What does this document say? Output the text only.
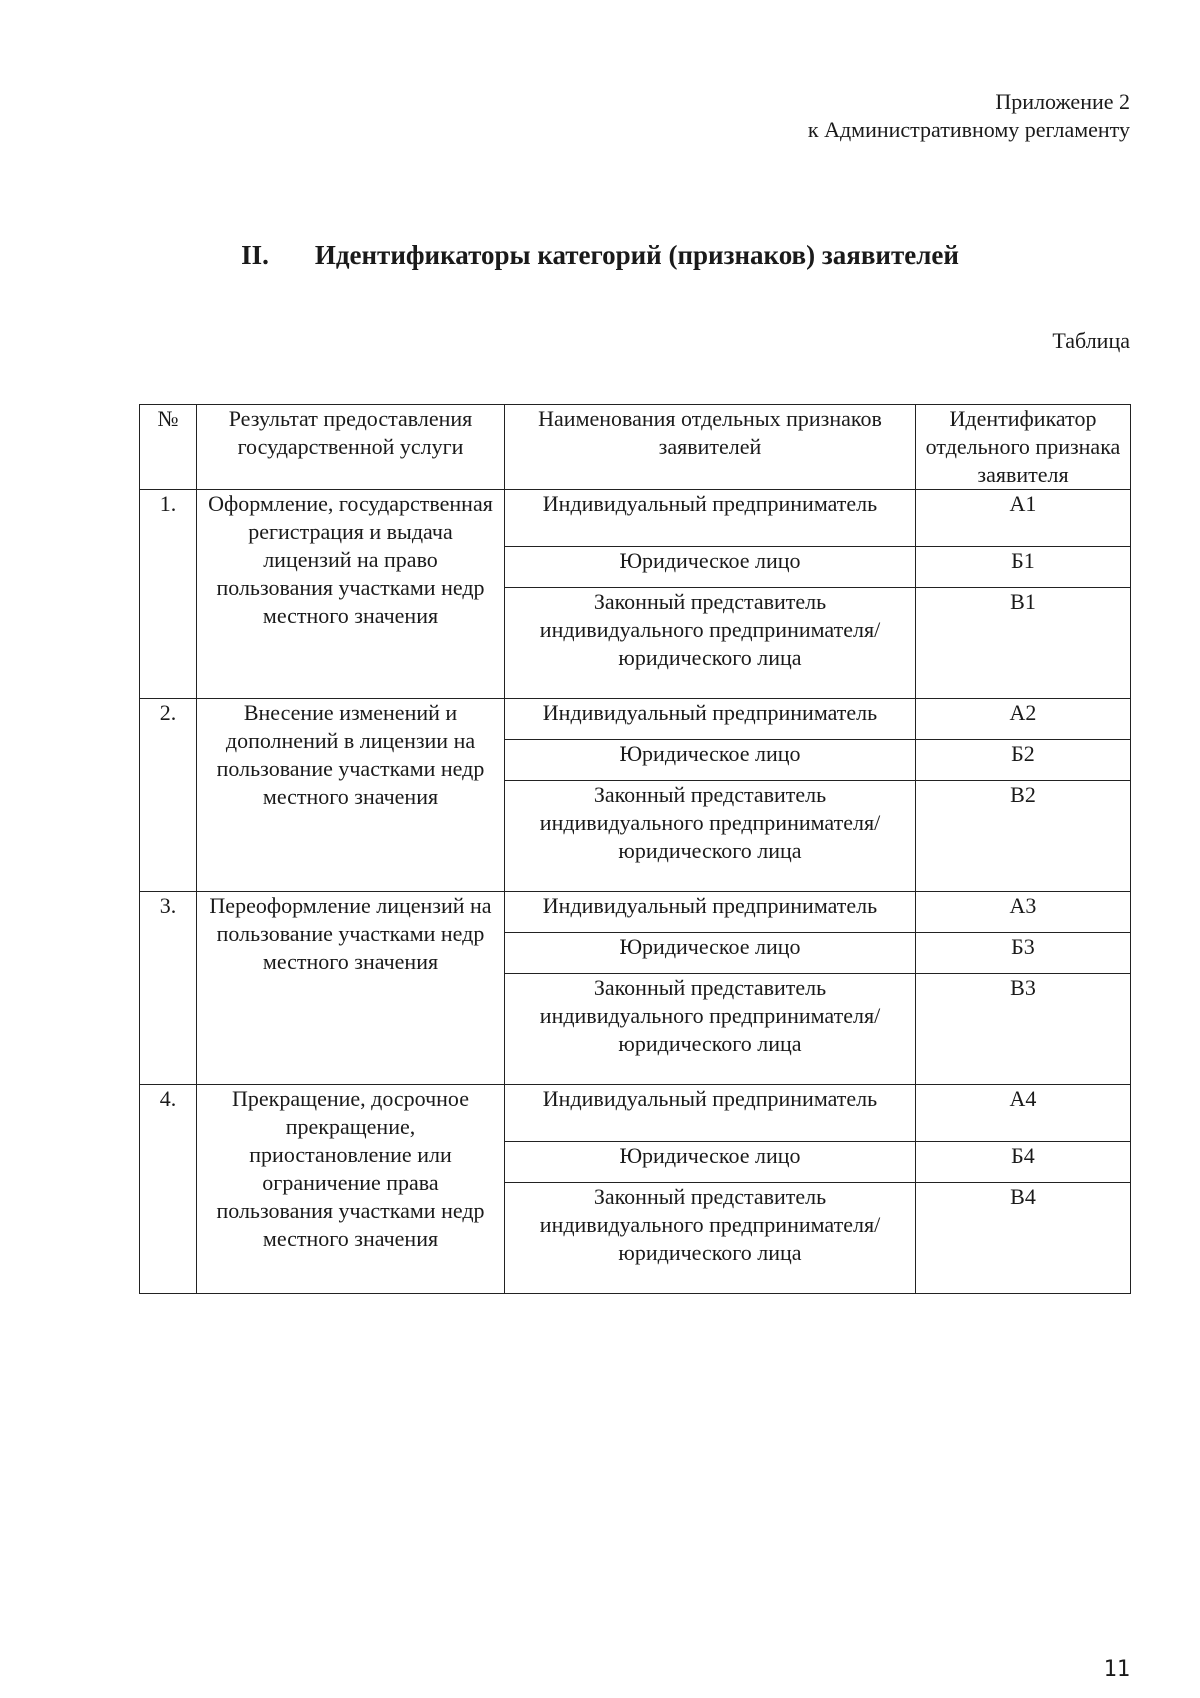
Приложение 2
к Административному регламенту
II. Идентификаторы категорий (признаков) заявителей
Таблица
№	Результат предоставления государственной услуги	Наименования отдельных признаков заявителей	Идентификатор отдельного признака заявителя
1.	Оформление, государственная регистрация и выдача лицензий на право пользования участками недр местного значения	Индивидуальный предприниматель	А1
		Юридическое лицо	Б1
		Законный представитель индивидуального предпринимателя/юридического лица	В1
2.	Внесение изменений и дополнений в лицензии на пользование участками недр местного значения	Индивидуальный предприниматель	А2
		Юридическое лицо	Б2
		Законный представитель индивидуального предпринимателя/юридического лица	В2
3.	Переоформление лицензий на пользование участками недр местного значения	Индивидуальный предприниматель	А3
		Юридическое лицо	Б3
		Законный представитель индивидуального предпринимателя/юридического лица	В3
4.	Прекращение, досрочное прекращение, приостановление или ограничение права пользования участками недр местного значения	Индивидуальный предприниматель	А4
		Юридическое лицо	Б4
		Законный представитель индивидуального предпринимателя/юридического лица	В4
11
